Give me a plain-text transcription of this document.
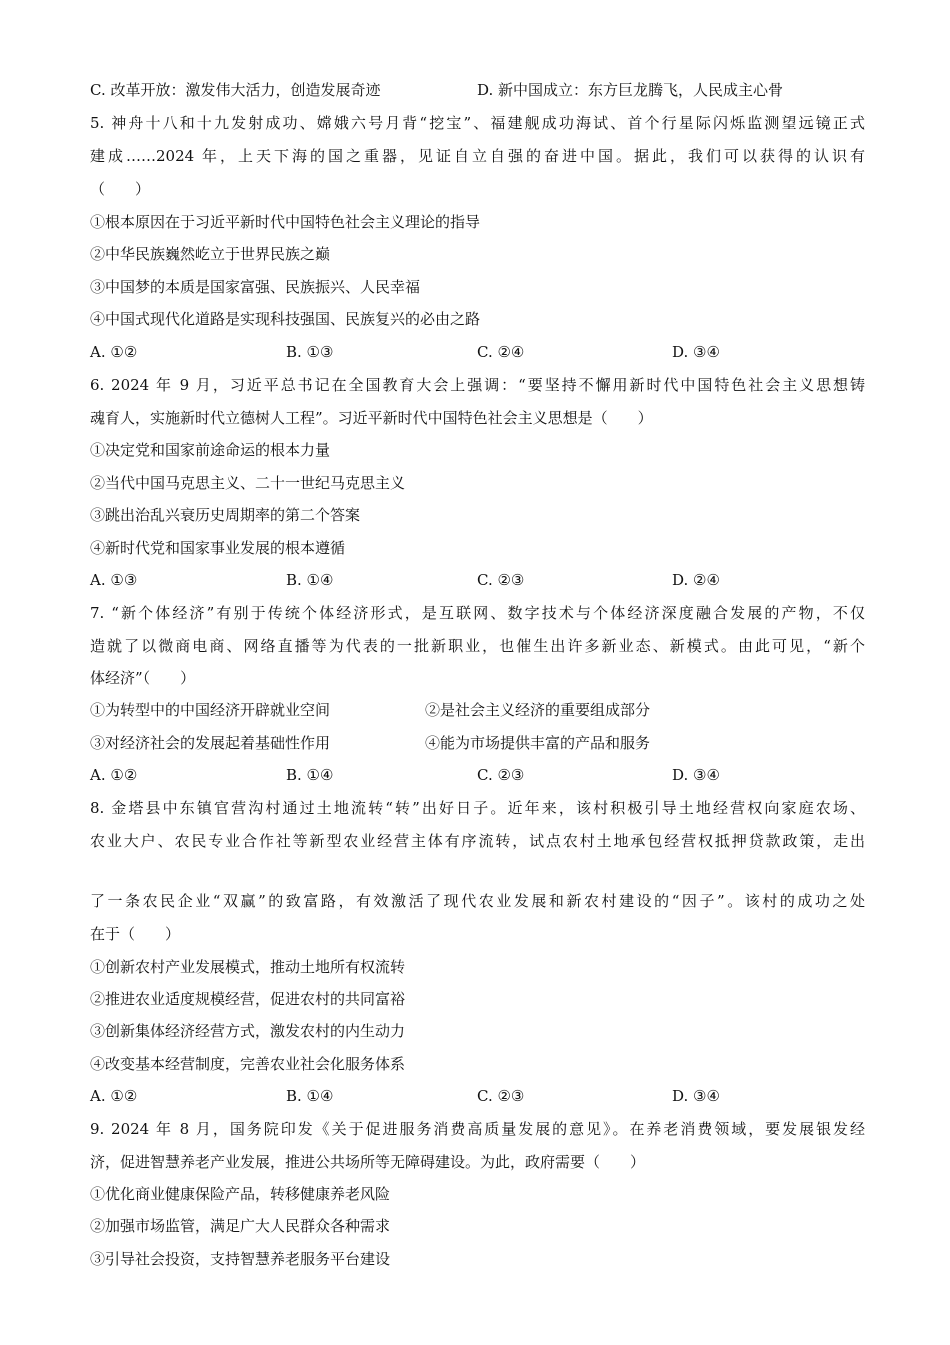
C. 改革开放：激发伟大活力，创造发展奇迹	D. 新中国成立：东方巨龙腾飞，人民成主心骨
5. 神舟十八和十九发射成功、嫦娥六号月背“挖宝”、福建舰成功海试、首个行星际闪烁监测望远镜正式
建成……2024 年，上天下海的国之重器，见证自立自强的奋进中国。据此，我们可以获得的认识有
（　　）
①根本原因在于习近平新时代中国特色社会主义理论的指导
②中华民族巍然屹立于世界民族之巅
③中国梦的本质是国家富强、民族振兴、人民幸福
④中国式现代化道路是实现科技强国、民族复兴的必由之路
A. ①②	B. ①③	C. ②④	D. ③④
6. 2024 年 9 月，习近平总书记在全国教育大会上强调：“要坚持不懈用新时代中国特色社会主义思想铸
魂育人，实施新时代立德树人工程”。习近平新时代中国特色社会主义思想是（　　）
①决定党和国家前途命运的根本力量
②当代中国马克思主义、二十一世纪马克思主义
③跳出治乱兴衰历史周期率的第二个答案
④新时代党和国家事业发展的根本遵循
A. ①③	B. ①④	C. ②③	D. ②④
7. “新个体经济”有别于传统个体经济形式，是互联网、数字技术与个体经济深度融合发展的产物，不仅
造就了以微商电商、网络直播等为代表的一批新职业，也催生出许多新业态、新模式。由此可见，“新个
体经济”（　　）
①为转型中的中国经济开辟就业空间	②是社会主义经济的重要组成部分
③对经济社会的发展起着基础性作用	④能为市场提供丰富的产品和服务
A. ①②	B. ①④	C. ②③	D. ③④
8. 金塔县中东镇官营沟村通过土地流转“转”出好日子。近年来，该村积极引导土地经营权向家庭农场、
农业大户、农民专业合作社等新型农业经营主体有序流转，试点农村土地承包经营权抵押贷款政策，走出
了一条农民企业“双赢”的致富路，有效激活了现代农业发展和新农村建设的“因子”。该村的成功之处
在于（　　）
①创新农村产业发展模式，推动土地所有权流转
②推进农业适度规模经营，促进农村的共同富裕
③创新集体经济经营方式，激发农村的内生动力
④改变基本经营制度，完善农业社会化服务体系
A. ①②	B. ①④	C. ②③	D. ③④
9. 2024 年 8 月，国务院印发《关于促进服务消费高质量发展的意见》。在养老消费领域，要发展银发经
济，促进智慧养老产业发展，推进公共场所等无障碍建设。为此，政府需要（　　）
①优化商业健康保险产品，转移健康养老风险
②加强市场监管，满足广大人民群众各种需求
③引导社会投资，支持智慧养老服务平台建设
